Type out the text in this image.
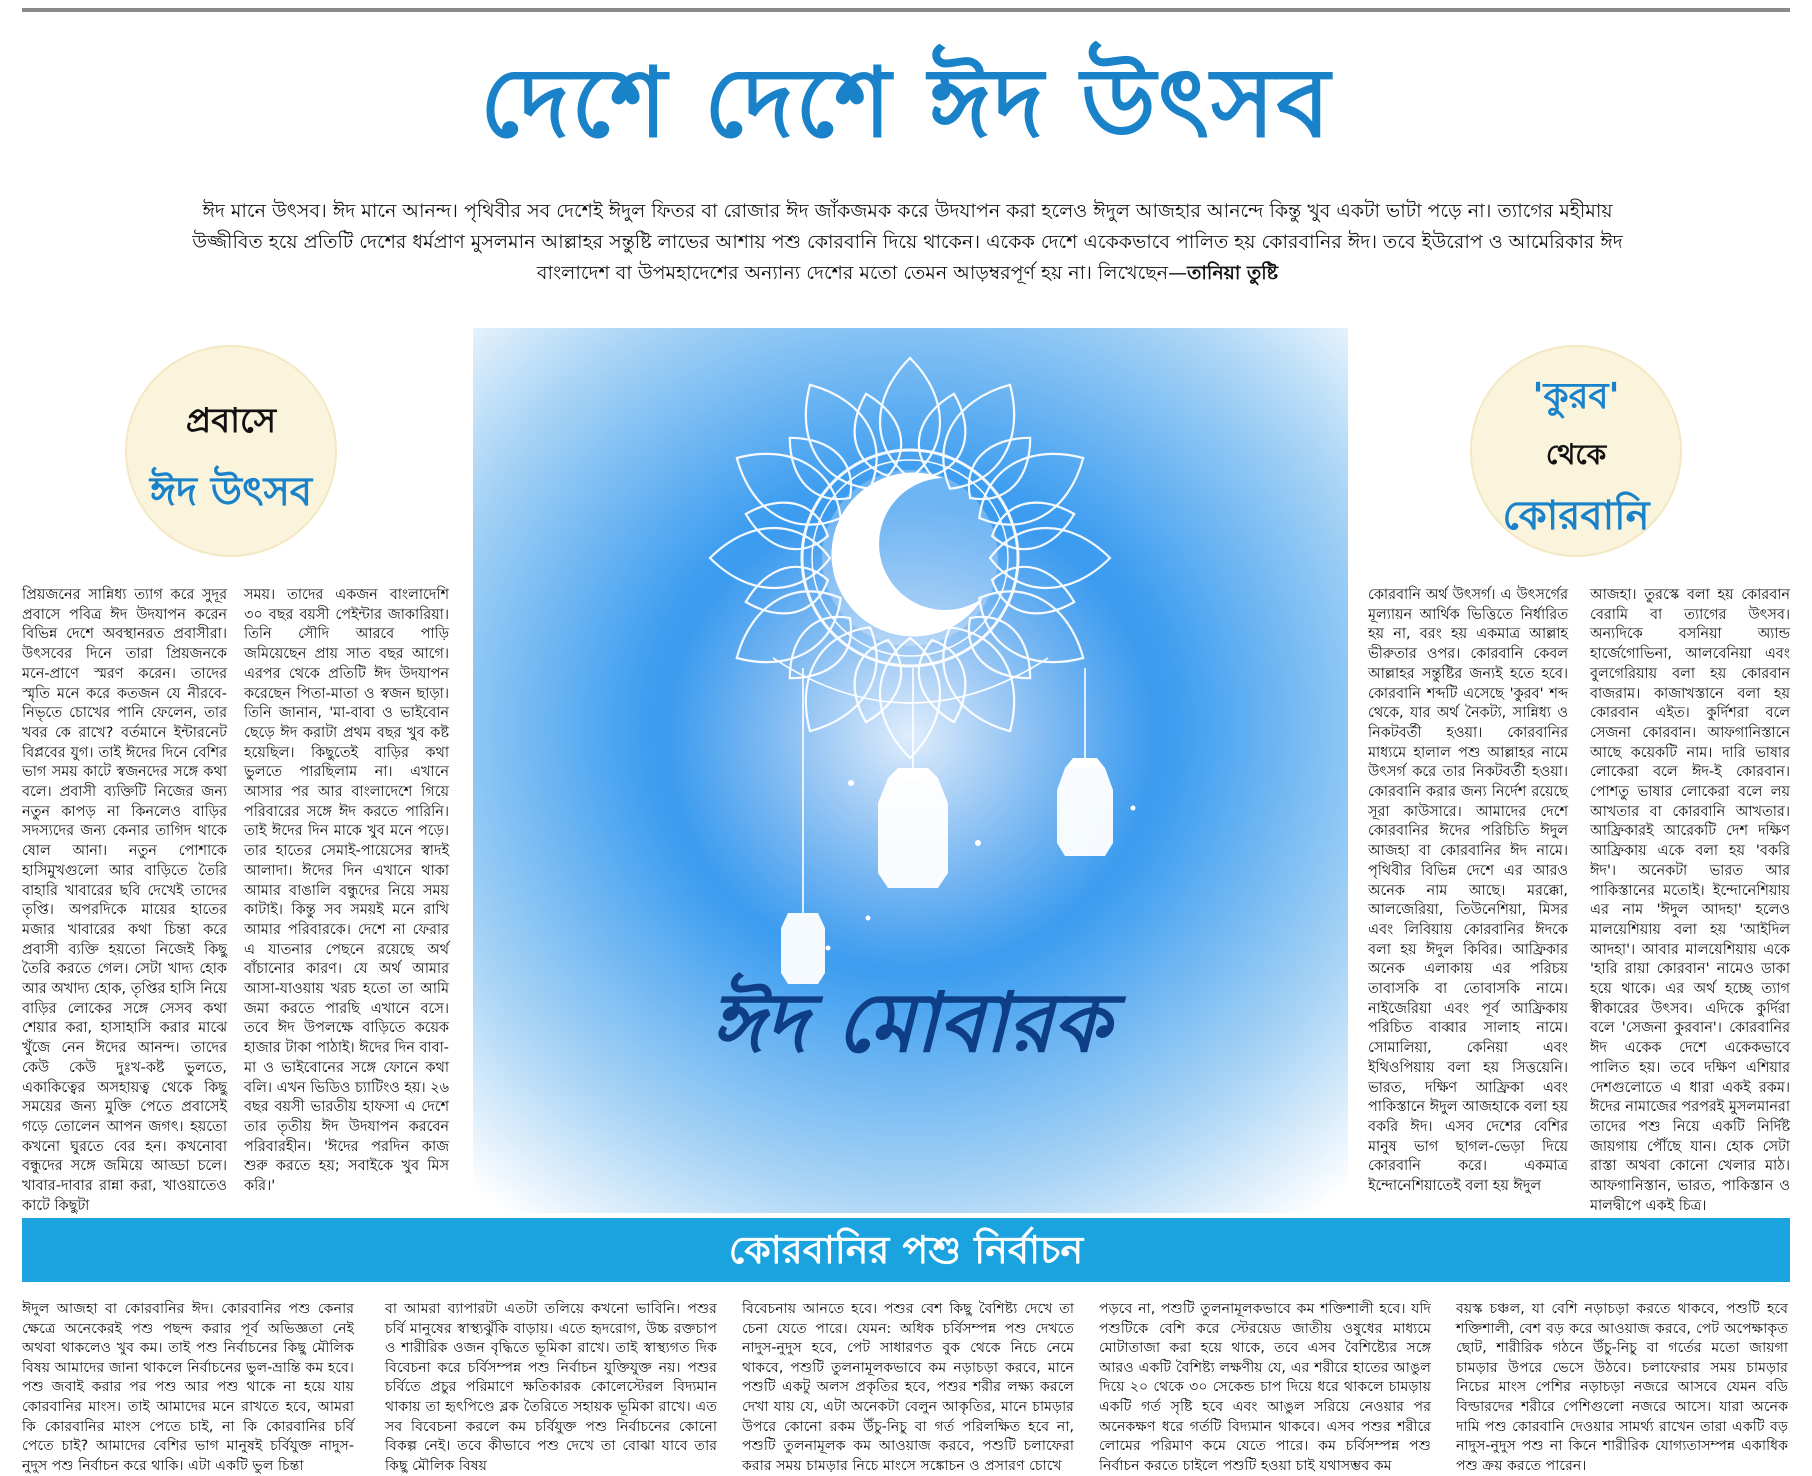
দেশে দেশে ঈদ উৎসব
ঈদ মানে উৎসব। ঈদ মানে আনন্দ। পৃথিবীর সব দেশেই ঈদুল ফিতর বা রোজার ঈদ জাঁকজমক করে উদযাপন করা হলেও ঈদুল আজহার আনন্দে কিন্তু খুব একটা ভাটা পড়ে না। ত্যাগের মহীমায় উজ্জীবিত হয়ে প্রতিটি দেশের ধর্মপ্রাণ মুসলমান আল্লাহর সন্তুষ্টি লাভের আশায় পশু কোরবানি দিয়ে থাকেন। একেক দেশে একেকভাবে পালিত হয় কোরবানির ঈদ। তবে ইউরোপ ও আমেরিকার ঈদ বাংলাদেশ বা উপমহাদেশের অন্যান্য দেশের মতো তেমন আড়ম্বরপূর্ণ হয় না। লিখেছেন—তানিয়া তুষ্টি
ঈদ মোবারক
প্রবাসে
ঈদ উৎসব
'কুরব'
থেকে
কোরবানি

প্রিয়জনের সান্নিধ্য ত্যাগ করে সুদূর প্রবাসে পবিত্র ঈদ উদযাপন করেন বিভিন্ন দেশে অবস্থানরত প্রবাসীরা। উৎসবের দিনে তারা প্রিয়জনকে মনে-প্রাণে স্মরণ করেন। তাদের স্মৃতি মনে করে কতজন যে নীরবে-নিভৃতে চোখের পানি ফেলেন, তার খবর কে রাখে? বর্তমানে ইন্টারনেট বিপ্লবের যুগ। তাই ঈদের দিনে বেশির ভাগ সময় কাটে স্বজনদের সঙ্গে কথা বলে। প্রবাসী ব্যক্তিটি নিজের জন্য নতুন কাপড় না কিনলেও বাড়ির সদস্যদের জন্য কেনার তাগিদ থাকে ষোল আনা। নতুন পোশাকে হাসিমুখগুলো আর বাড়িতে তৈরি বাহারি খাবারের ছবি দেখেই তাদের তৃপ্তি। অপরদিকে মায়ের হাতের মজার খাবারের কথা চিন্তা করে প্রবাসী ব্যক্তি হয়তো নিজেই কিছু তৈরি করতে গেল। সেটা খাদ্য হোক আর অখাদ্য হোক, তৃপ্তির হাসি নিয়ে বাড়ির লোকের সঙ্গে সেসব কথা শেয়ার করা, হাসাহাসি করার মাঝে খুঁজে নেন ঈদের আনন্দ। তাদের কেউ কেউ দুঃখ-কষ্ট ভুলতে, একাকিত্বের অসহায়ত্ব থেকে কিছু সময়ের জন্য মুক্তি পেতে প্রবাসেই গড়ে তোলেন আপন জগৎ। হয়তো কখনো ঘুরতে বের হন। কখনোবা বন্ধুদের সঙ্গে জমিয়ে আড্ডা চলে। খাবার-দাবার রান্না করা, খাওয়াতেও কাটে কিছুটা

সময়। তাদের একজন বাংলাদেশি ৩০ বছর বয়সী পেইন্টার জাকারিয়া। তিনি সৌদি আরবে পাড়ি জমিয়েছেন প্রায় সাত বছর আগে। এরপর থেকে প্রতিটি ঈদ উদযাপন করেছেন পিতা-মাতা ও স্বজন ছাড়া। তিনি জানান, 'মা-বাবা ও ভাইবোন ছেড়ে ঈদ করাটা প্রথম বছর খুব কষ্ট হয়েছিল। কিছুতেই বাড়ির কথা ভুলতে পারছিলাম না। এখানে আসার পর আর বাংলাদেশে গিয়ে পরিবারের সঙ্গে ঈদ করতে পারিনি। তাই ঈদের দিন মাকে খুব মনে পড়ে। তার হাতের সেমাই-পায়েসের স্বাদই আলাদা। ঈদের দিন এখানে থাকা আমার বাঙালি বন্ধুদের নিয়ে সময় কাটাই। কিন্তু সব সময়ই মনে রাখি আমার পরিবারকে। দেশে না ফেরার এ যাতনার পেছনে রয়েছে অর্থ বাঁচানোর কারণ। যে অর্থ আমার আসা-যাওয়ায় খরচ হতো তা আমি জমা করতে পারছি এখানে বসে। তবে ঈদ উপলক্ষে বাড়িতে কয়েক হাজার টাকা পাঠাই। ঈদের দিন বাবা-মা ও ভাইবোনের সঙ্গে ফোনে কথা বলি। এখন ভিডিও চ্যাটিংও হয়। ২৬ বছর বয়সী ভারতীয় হাফসা এ দেশে তার তৃতীয় ঈদ উদযাপন করবেন পরিবারহীন। 'ঈদের পরদিন কাজ শুরু করতে হয়; সবাইকে খুব মিস করি।'

কোরবানি অর্থ উৎসর্গ। এ উৎসর্গের মূল্যায়ন আর্থিক ভিত্তিতে নির্ধারিত হয় না, বরং হয় একমাত্র আল্লাহ ভীরুতার ওপর। কোরবানি কেবল আল্লাহর সন্তুষ্টির জন্যই হতে হবে। কোরবানি শব্দটি এসেছে 'কুরব' শব্দ থেকে, যার অর্থ নৈকট্য, সান্নিধ্য ও নিকটবর্তী হওয়া। কোরবানির মাধ্যমে হালাল পশু আল্লাহর নামে উৎসর্গ করে তার নিকটবর্তী হওয়া। কোরবানি করার জন্য নির্দেশ রয়েছে সূরা কাউসারে। আমাদের দেশে কোরবানির ঈদের পরিচিতি ঈদুল আজহা বা কোরবানির ঈদ নামে। পৃথিবীর বিভিন্ন দেশে এর আরও অনেক নাম আছে। মরক্কো, আলজেরিয়া, তিউনেশিয়া, মিসর এবং লিবিয়ায় কোরবানির ঈদকে বলা হয় ঈদুল কিবির। আফ্রিকার অনেক এলাকায় এর পরিচয় তাবাসকি বা তোবাসকি নামে। নাইজেরিয়া এবং পূর্ব আফ্রিকায় পরিচিত বাব্বার সালাহ নামে। সোমালিয়া, কেনিয়া এবং ইথিওপিয়ায় বলা হয় সিত্তয়েনি। ভারত, দক্ষিণ আফ্রিকা এবং পাকিস্তানে ঈদুল আজহাকে বলা হয় বকরি ঈদ। এসব দেশের বেশির মানুষ ভাগ ছাগল-ভেড়া দিয়ে কোরবানি করে। একমাত্র ইন্দোনেশিয়াতেই বলা হয় ঈদুল

আজহা। তুরস্কে বলা হয় কোরবান বেরামি বা ত্যাগের উৎসব। অন্যদিকে বসনিয়া অ্যান্ড হার্জেগোভিনা, আলবেনিয়া এবং বুলগেরিয়ায় বলা হয় কোরবান বাজরাম। কাজাখস্তানে বলা হয় কোরবান এইত। কুর্দিশরা বলে সেজনা কোরবান। আফগানিস্তানে আছে কয়েকটি নাম। দারি ভাষার লোকেরা বলে ঈদ-ই কোরবান। পোশতু ভাষার লোকেরা বলে লয় আখতার বা কোরবানি আখতার। আফ্রিকারই আরেকটি দেশ দক্ষিণ আফ্রিকায় একে বলা হয় 'বকরি ঈদ'। অনেকটা ভারত আর পাকিস্তানের মতোই। ইন্দোনেশিয়ায় এর নাম 'ঈদুল আদহা' হলেও মালয়েশিয়ায় বলা হয় 'আইদিল আদহা'। আবার মালয়েশিয়ায় একে 'হারি রায়া কোরবান' নামেও ডাকা হয়ে থাকে। এর অর্থ হচ্ছে ত্যাগ স্বীকারের উৎসব। এদিকে কুর্দিরা বলে 'সেজনা কুরবান'। কোরবানির ঈদ একেক দেশে একেকভাবে পালিত হয়। তবে দক্ষিণ এশিয়ার দেশগুলোতে এ ধারা একই রকম। ঈদের নামাজের পরপরই মুসলমানরা তাদের পশু নিয়ে একটি নির্দিষ্ট জায়গায় পৌঁছে যান। হোক সেটা রাস্তা অথবা কোনো খেলার মাঠ। আফগানিস্তান, ভারত, পাকিস্তান ও মালদ্বীপে একই চিত্র।

কোরবানির পশু নির্বাচন
ঈদুল আজহা বা কোরবানির ঈদ। কোরবানির পশু কেনার ক্ষেত্রে অনেকেরই পশু পছন্দ করার পূর্ব অভিজ্ঞতা নেই অথবা থাকলেও খুব কম। তাই পশু নির্বাচনের কিছু মৌলিক বিষয় আমাদের জানা থাকলে নির্বাচনের ভুল-ভ্রান্তি কম হবে। পশু জবাই করার পর পশু আর পশু থাকে না হয়ে যায় কোরবানির মাংস। তাই আমাদের মনে রাখতে হবে, আমরা কি কোরবানির মাংস পেতে চাই, না কি কোরবানির চর্বি পেতে চাই? আমাদের বেশির ভাগ মানুষই চর্বিযুক্ত নাদুস-নুদুস পশু নির্বাচন করে থাকি। এটা একটি ভুল চিন্তা
বা আমরা ব্যাপারটা এতটা তলিয়ে কখনো ভাবিনি। পশুর চর্বি মানুষের স্বাস্থ্যঝুঁকি বাড়ায়। এতে হৃদরোগ, উচ্চ রক্তচাপ ও শারীরিক ওজন বৃদ্ধিতে ভূমিকা রাখে। তাই স্বাস্থ্যগত দিক বিবেচনা করে চর্বিসম্পন্ন পশু নির্বাচন যুক্তিযুক্ত নয়। পশুর চর্বিতে প্রচুর পরিমাণে ক্ষতিকারক কোলেস্টেরল বিদ্যমান থাকায় তা হৃৎপিণ্ডে ব্লক তৈরিতে সহায়ক ভূমিকা রাখে। এত সব বিবেচনা করলে কম চর্বিযুক্ত পশু নির্বাচনের কোনো বিকল্প নেই। তবে কীভাবে পশু দেখে তা বোঝা যাবে তার কিছু মৌলিক বিষয়
বিবেচনায় আনতে হবে। পশুর বেশ কিছু বৈশিষ্ট্য দেখে তা চেনা যেতে পারে। যেমন: অধিক চর্বিসম্পন্ন পশু দেখতে নাদুস-নুদুস হবে, পেট সাধারণত বুক থেকে নিচে নেমে থাকবে, পশুটি তুলনামূলকভাবে কম নড়াচড়া করবে, মানে পশুটি একটু অলস প্রকৃতির হবে, পশুর শরীর লক্ষ্য করলে দেখা যায় যে, এটা অনেকটা বেলুন আকৃতির, মানে চামড়ার উপরে কোনো রকম উঁচু-নিচু বা গর্ত পরিলক্ষিত হবে না, পশুটি তুলনামূলক কম আওয়াজ করবে, পশুটি চলাফেরা করার সময় চামড়ার নিচে মাংসে সঙ্কোচন ও প্রসারণ চোখে
পড়বে না, পশুটি তুলনামূলকভাবে কম শক্তিশালী হবে। যদি পশুটিকে বেশি করে স্টেরয়েড জাতীয় ওষুধের মাধ্যমে মোটাতাজা করা হয়ে থাকে, তবে এসব বৈশিষ্ট্যের সঙ্গে আরও একটি বৈশিষ্ট্য লক্ষণীয় যে, এর শরীরে হাতের আঙুল দিয়ে ২০ থেকে ৩০ সেকেন্ড চাপ দিয়ে ধরে থাকলে চামড়ায় একটি গর্ত সৃষ্টি হবে এবং আঙুল সরিয়ে নেওয়ার পর অনেকক্ষণ ধরে গর্তটি বিদ্যমান থাকবে। এসব পশুর শরীরে লোমের পরিমাণ কমে যেতে পারে। কম চর্বিসম্পন্ন পশু নির্বাচন করতে চাইলে পশুটি হওয়া চাই যথাসম্ভব কম
বয়স্ক চঞ্চল, যা বেশি নড়াচড়া করতে থাকবে, পশুটি হবে শক্তিশালী, বেশ বড় করে আওয়াজ করবে, পেট অপেক্ষাকৃত ছোট, শারীরিক গঠনে উঁচু-নিচু বা গর্তের মতো জায়গা চামড়ার উপরে ভেসে উঠবে। চলাফেরার সময় চামড়ার নিচের মাংস পেশির নড়াচড়া নজরে আসবে যেমন বডি বিল্ডারদের শরীরে পেশিগুলো নজরে আসে। যারা অনেক দামি পশু কোরবানি দেওয়ার সামর্থ্য রাখেন তারা একটি বড় নাদুস-নুদুস পশু না কিনে শারীরিক যোগ্যতাসম্পন্ন একাধিক পশু ক্রয় করতে পারেন।
